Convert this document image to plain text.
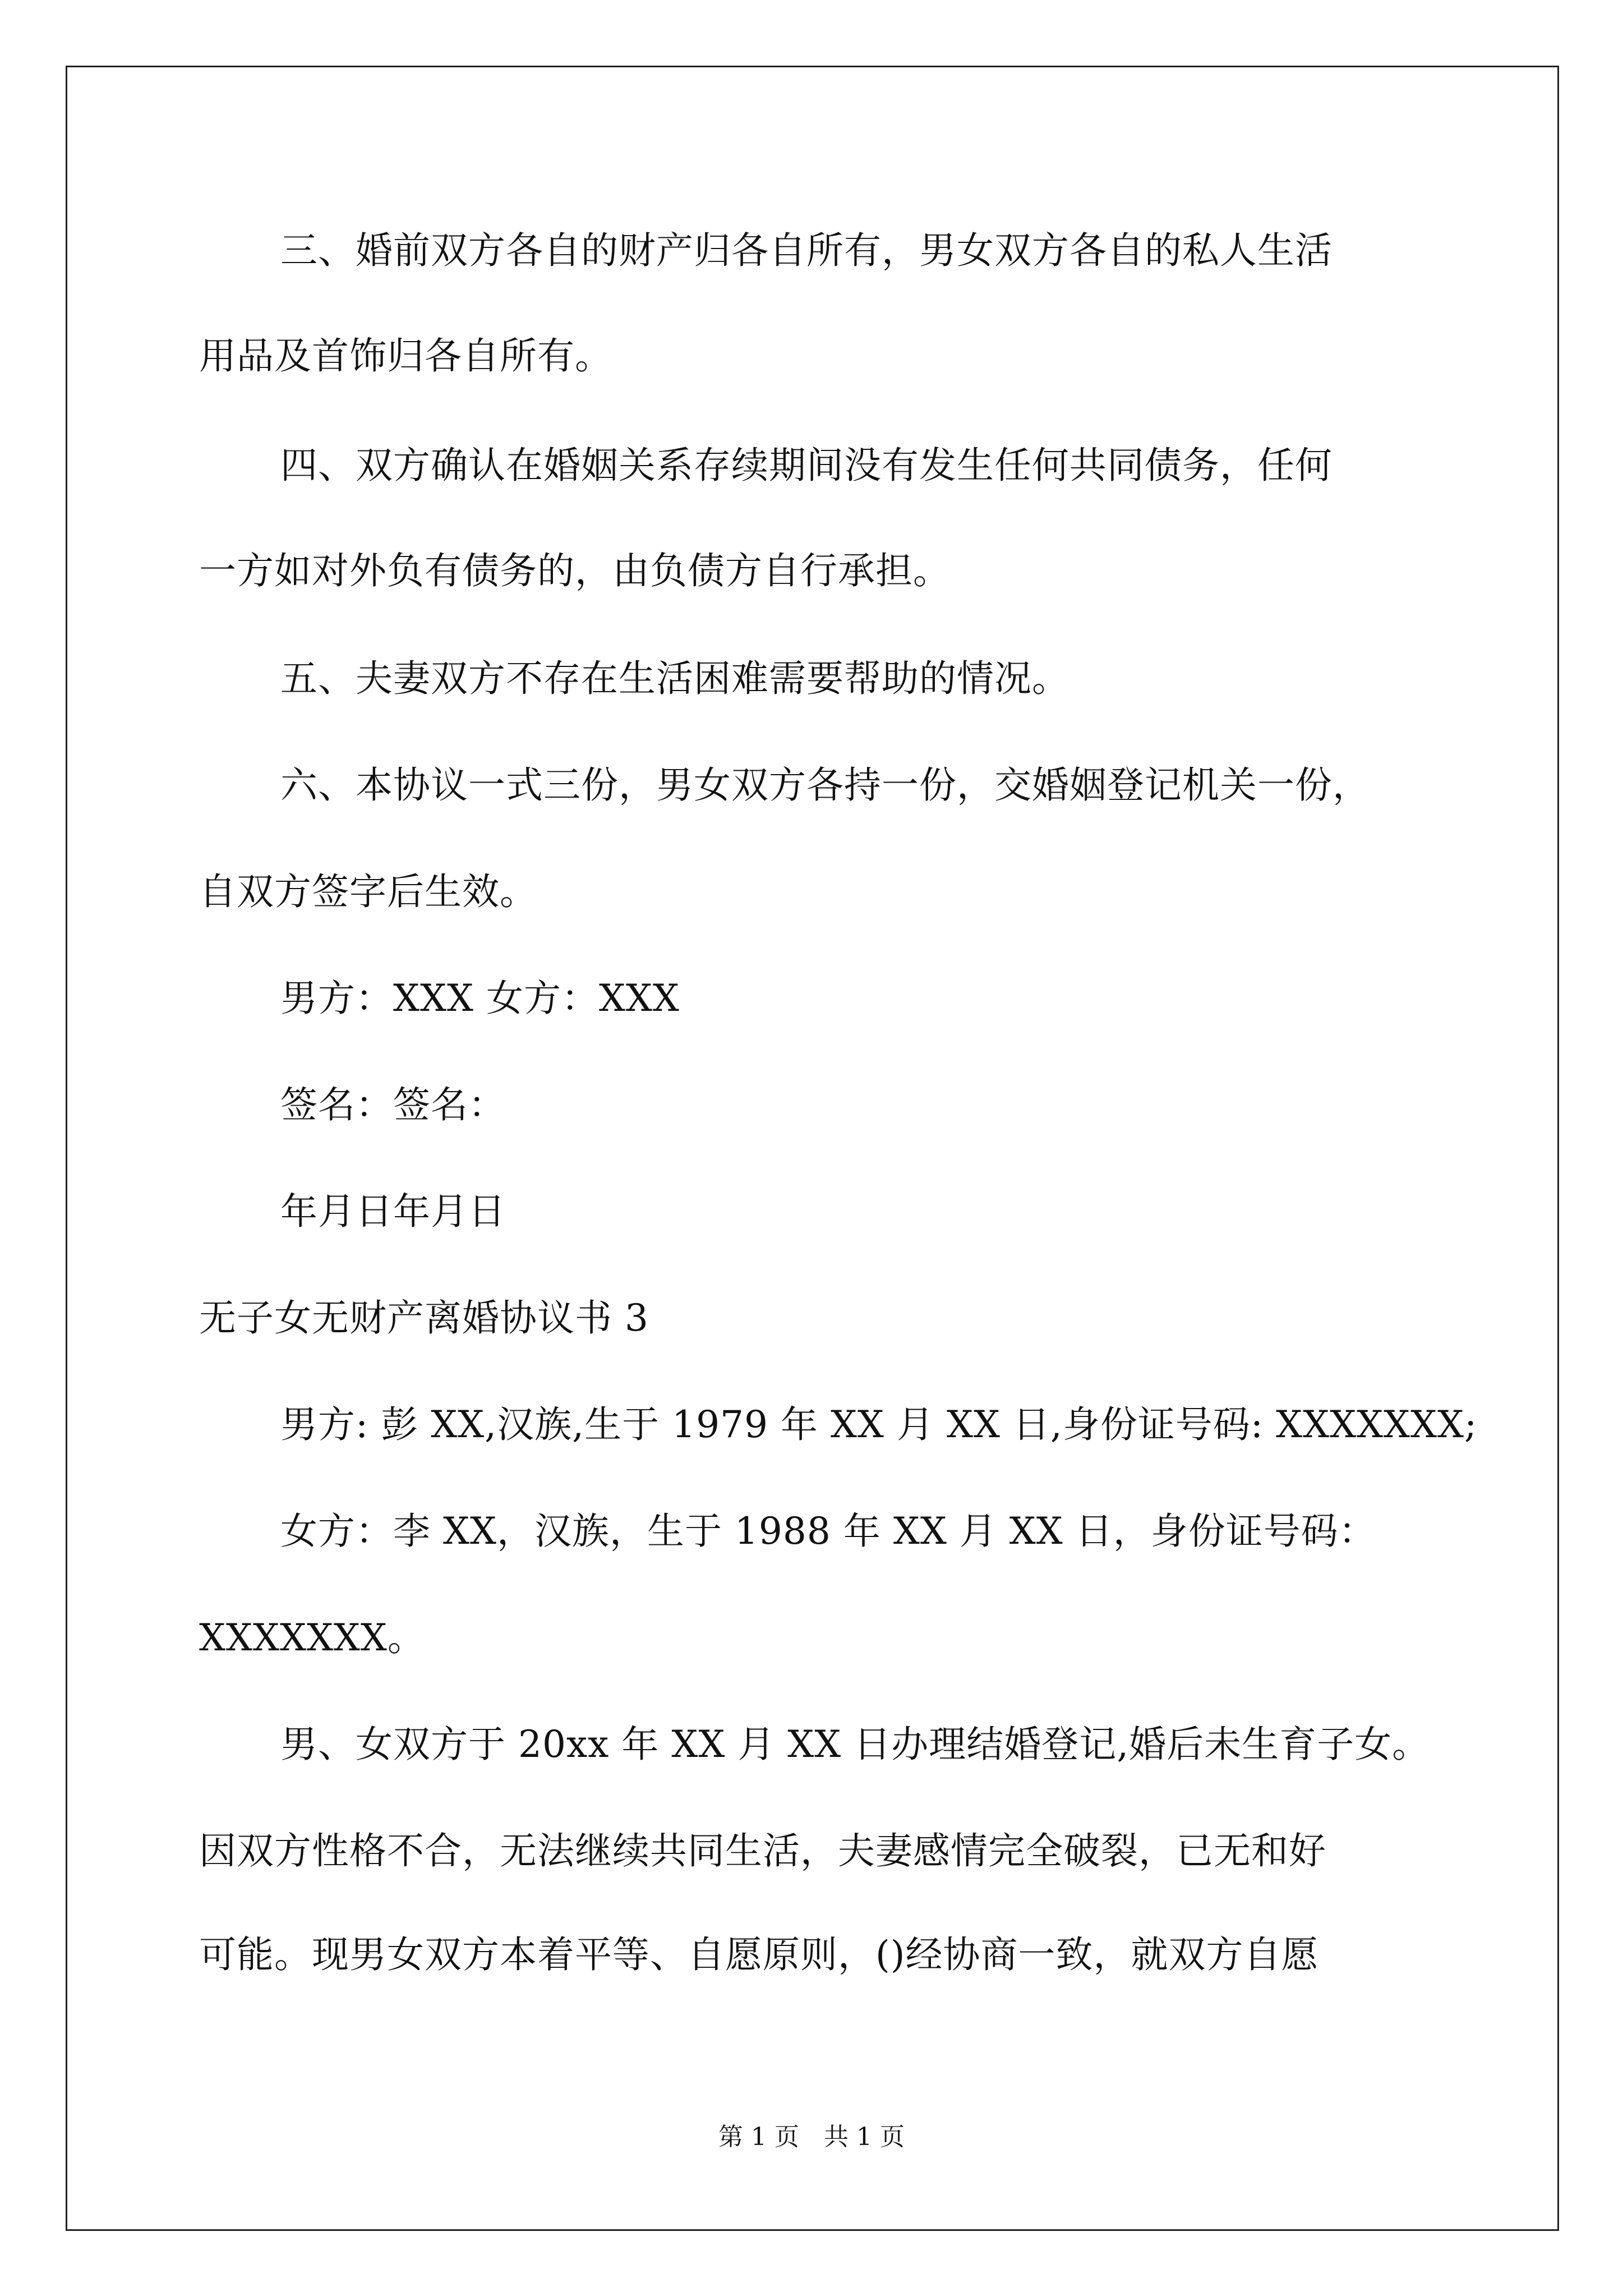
三、婚前双方各自的财产归各自所有，男女双方各自的私人生活
用品及首饰归各自所有。
四、双方确认在婚姻关系存续期间没有发生任何共同债务，任何
一方如对外负有债务的，由负债方自行承担。
五、夫妻双方不存在生活困难需要帮助的情况。
六、本协议一式三份，男女双方各持一份，交婚姻登记机关一份，
自双方签字后生效。
男方：XXX 女方：XXX
签名：签名：
年月日年月日
无子女无财产离婚协议书 3
男方: 彭 XX,汉族,生于 1979 年 XX 月 XX 日,身份证号码: XXXXXXX;
女方：李 XX，汉族，生于 1988 年 XX 月 XX 日，身份证号码：
XXXXXXX。
男、女双方于 20xx 年 XX 月 XX 日办理结婚登记,婚后未生育子女。
因双方性格不合，无法继续共同生活，夫妻感情完全破裂，已无和好
可能。现男女双方本着平等、自愿原则，()经协商一致，就双方自愿
第 1 页　共 1 页
